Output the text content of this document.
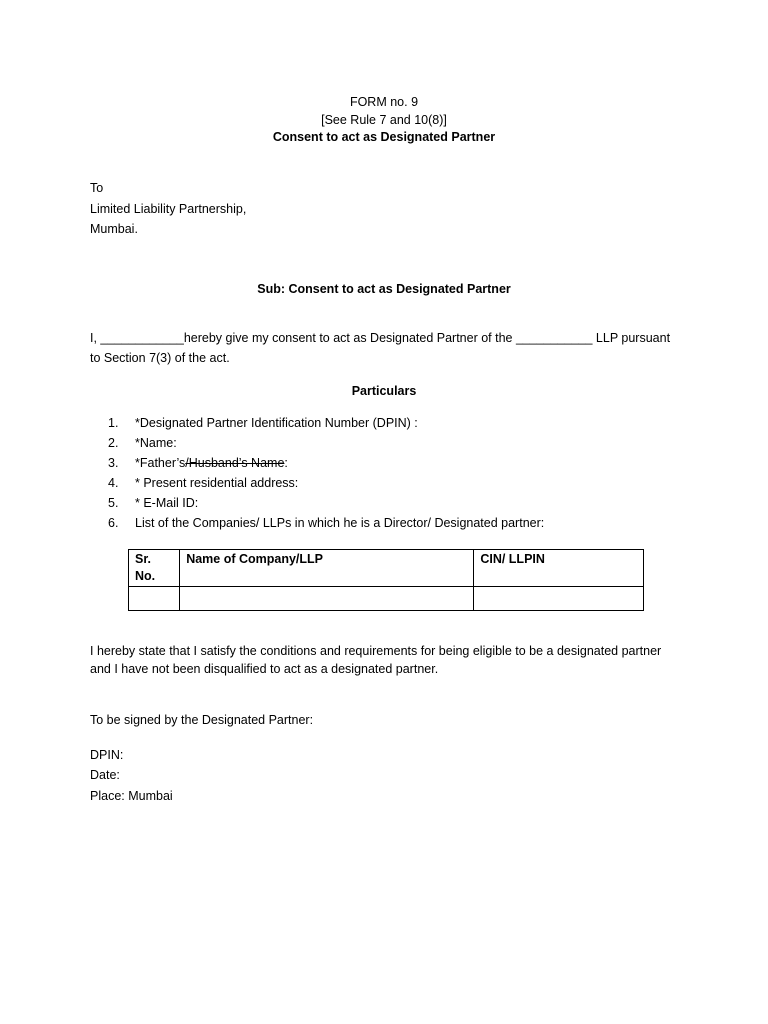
FORM no. 9
[See Rule 7 and 10(8)]
Consent to act as Designated Partner
To
Limited Liability Partnership,
Mumbai.
Sub: Consent to act as Designated Partner
I, ____________hereby give my consent to act as Designated Partner of the ___________ LLP pursuant
to Section 7(3) of the act.
Particulars
1. *Designated Partner Identification Number (DPIN) :
2. *Name:
3. *Father’s/Husband’s Name:
4. * Present residential address:
5. * E-Mail ID:
6. List of the Companies/ LLPs in which he is a Director/ Designated partner:
Sr. No.	Name of Company/LLP	CIN/ LLPIN

I hereby state that I satisfy the conditions and requirements for being eligible to be a designated partner
and I have not been disqualified to act as a designated partner.
To be signed by the Designated Partner:
DPIN:
Date:
Place: Mumbai
